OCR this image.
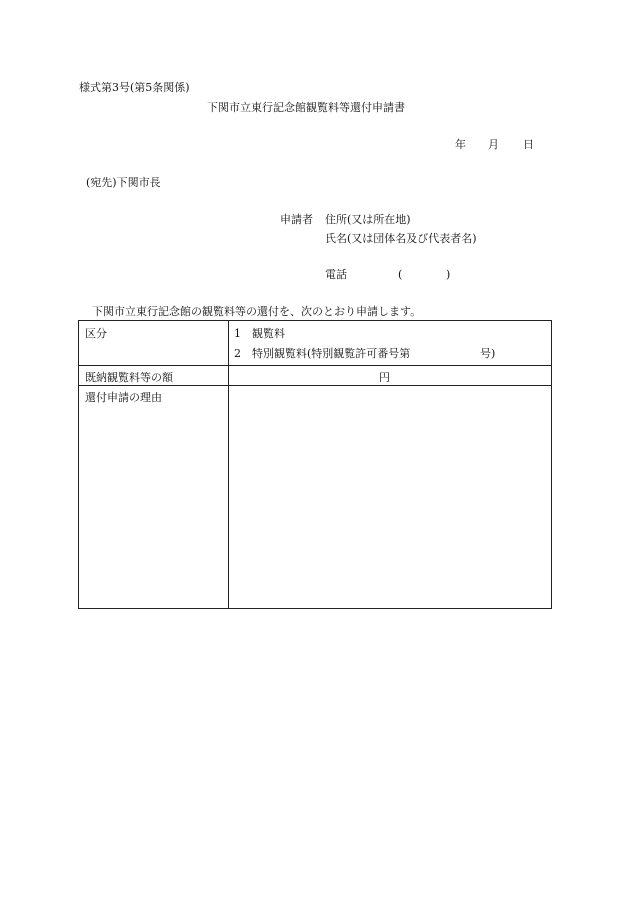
様式第3号(第5条関係)
下関市立東行記念館観覧料等還付申請書
年 月 日
(宛先)下関市長
申請者 住所(又は所在地)
氏名(又は団体名及び代表者名)
電話	(	)
下関市立東行記念館の観覧料等の還付を、次のとおり申請します。
区分	1 観覧料
2 特別観覧料(特別観覧許可番号第	号)
既納観覧料等の額	円
還付申請の理由
